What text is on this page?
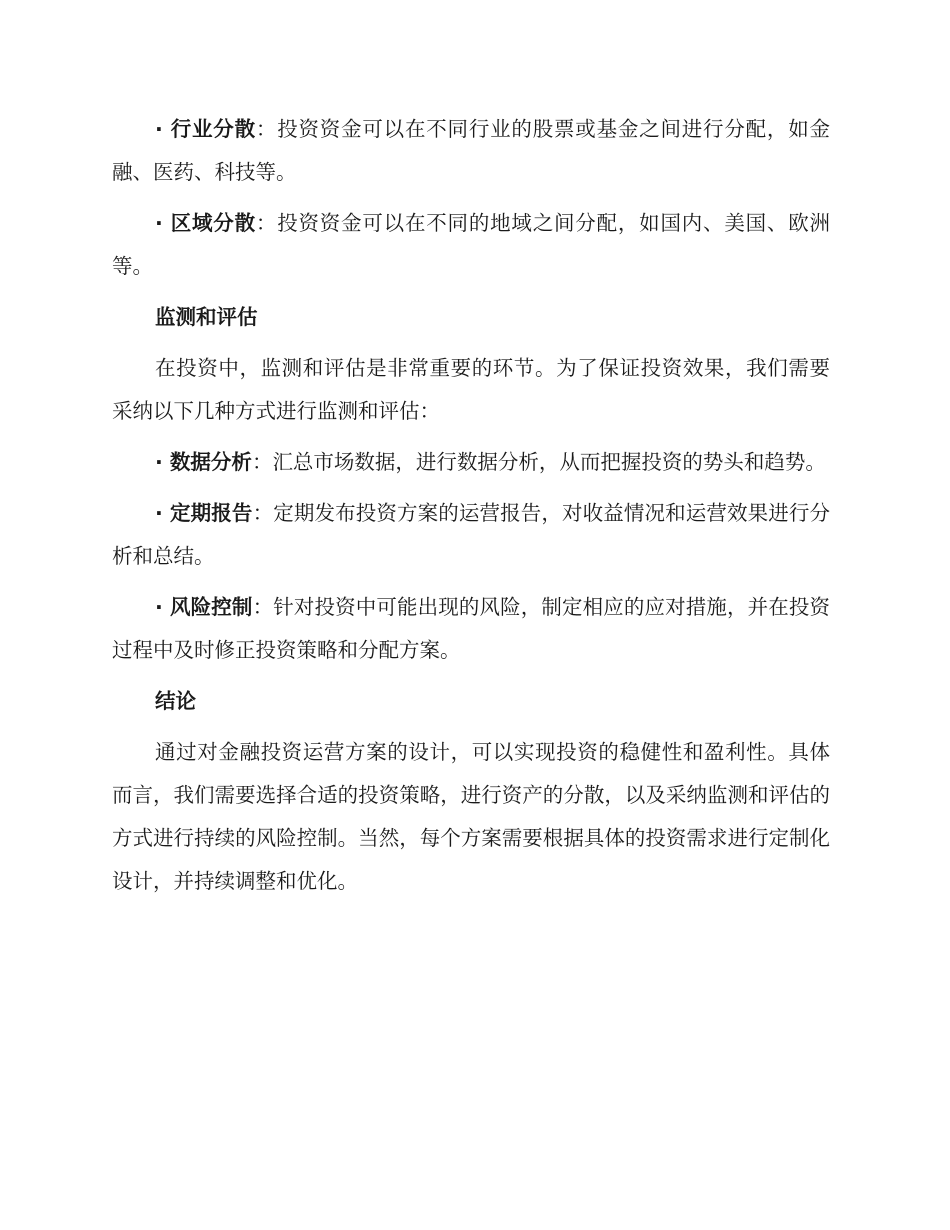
· 行业分散：投资资金可以在不同行业的股票或基金之间进行分配，如金融、医药、科技等。

· 区域分散：投资资金可以在不同的地域之间分配，如国内、美国、欧洲等。

监测和评估

在投资中，监测和评估是非常重要的环节。为了保证投资效果，我们需要采纳以下几种方式进行监测和评估：

· 数据分析：汇总市场数据，进行数据分析，从而把握投资的势头和趋势。

· 定期报告：定期发布投资方案的运营报告，对收益情况和运营效果进行分析和总结。

· 风险控制：针对投资中可能出现的风险，制定相应的应对措施，并在投资过程中及时修正投资策略和分配方案。

结论

通过对金融投资运营方案的设计，可以实现投资的稳健性和盈利性。具体而言，我们需要选择合适的投资策略，进行资产的分散，以及采纳监测和评估的方式进行持续的风险控制。当然，每个方案需要根据具体的投资需求进行定制化设计，并持续调整和优化。
